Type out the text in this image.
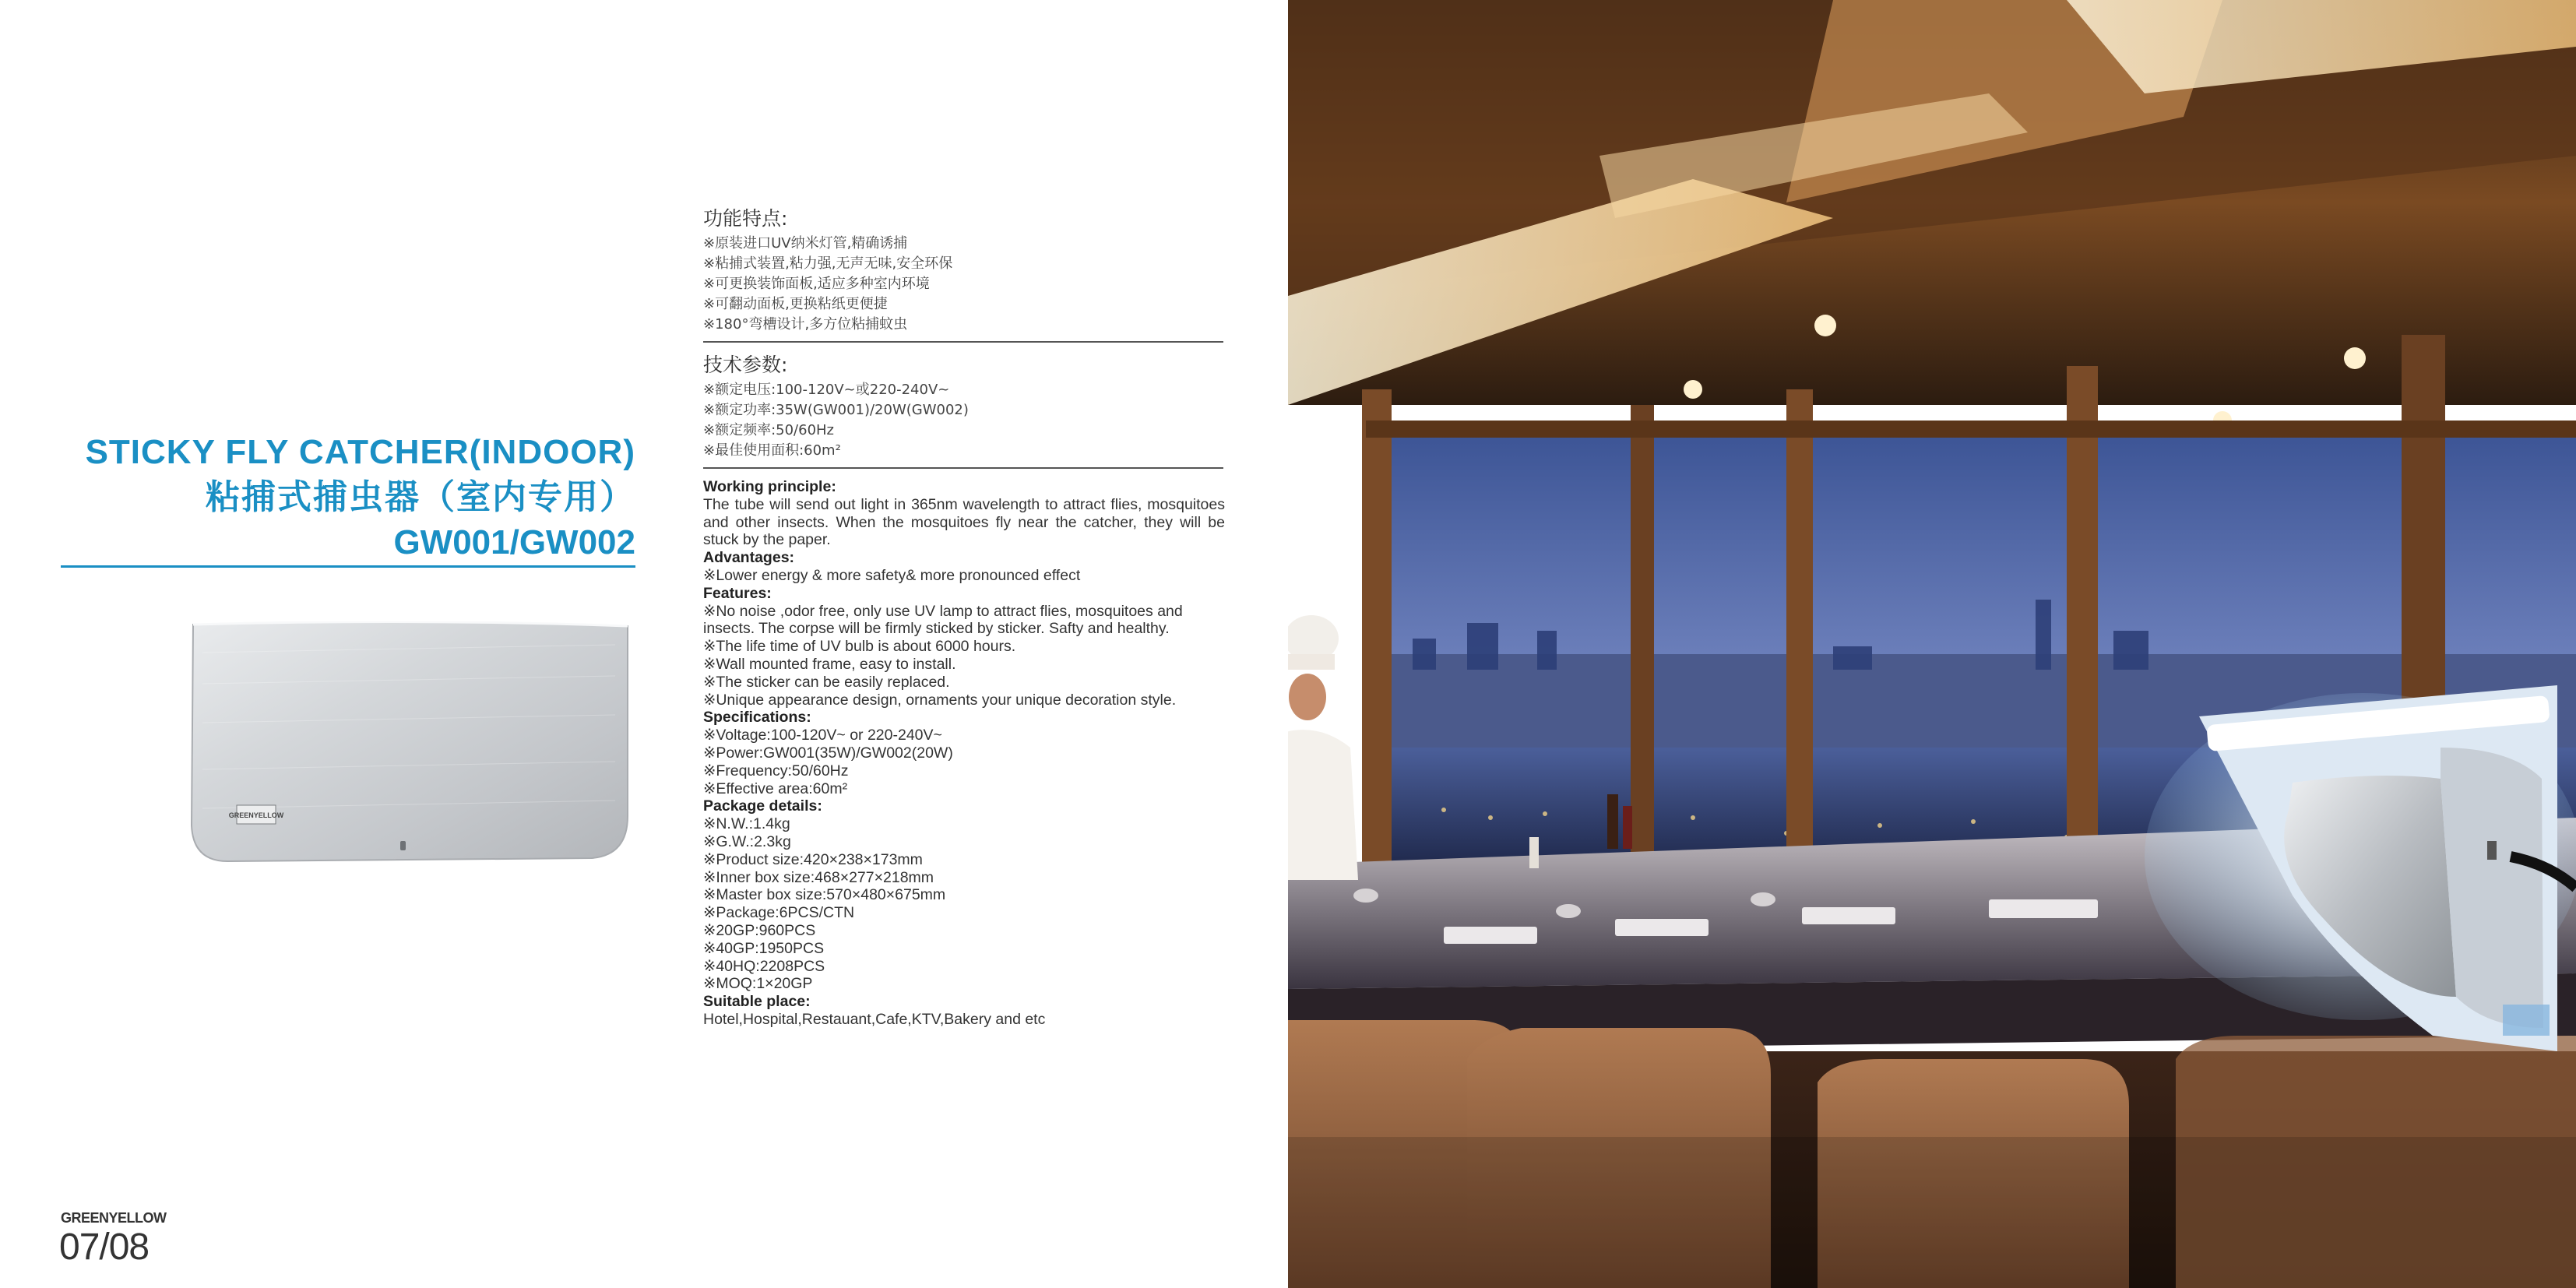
STICKY FLY CATCHER(INDOOR)
粘捕式捕虫器（室内专用）
GW001/GW002
GREENYELLOW
功能特点:
※原装进口UV纳米灯管,精确诱捕
※粘捕式装置,粘力强,无声无味,安全环保
※可更换装饰面板,适应多种室内环境
※可翻动面板,更换粘纸更便捷
※180°弯槽设计,多方位粘捕蚊虫
技术参数:
※额定电压:100-120V~或220-240V~
※额定功率:35W(GW001)/20W(GW002)
※额定频率:50/60Hz
※最佳使用面积:60m²
Working principle:
The tube will send out light in 365nm wavelength to attract flies, mosquitoes and other insects. When the mosquitoes fly near the catcher, they will be stuck by the paper.
Advantages:
※Lower energy & more safety& more pronounced effect
Features:
※No noise ,odor free, only use UV lamp to attract flies, mosquitoes and insects. The corpse will be firmly sticked by sticker. Safty and healthy.
※The life time of UV bulb is about 6000 hours.
※Wall mounted frame, easy to install.
※The sticker can be easily replaced.
※Unique appearance design, ornaments your unique decoration style.
Specifications:
※Voltage:100-120V~ or 220-240V~
※Power:GW001(35W)/GW002(20W)
※Frequency:50/60Hz
※Effective area:60m²
Package details:
※N.W.:1.4kg
※G.W.:2.3kg
※Product size:420×238×173mm
※Inner box size:468×277×218mm
※Master box size:570×480×675mm
※Package:6PCS/CTN
※20GP:960PCS
※40GP:1950PCS
※40HQ:2208PCS
※MOQ:1×20GP
Suitable place:
Hotel,Hospital,Restauant,Cafe,KTV,Bakery and etc
GREENYELLOW
07/08
